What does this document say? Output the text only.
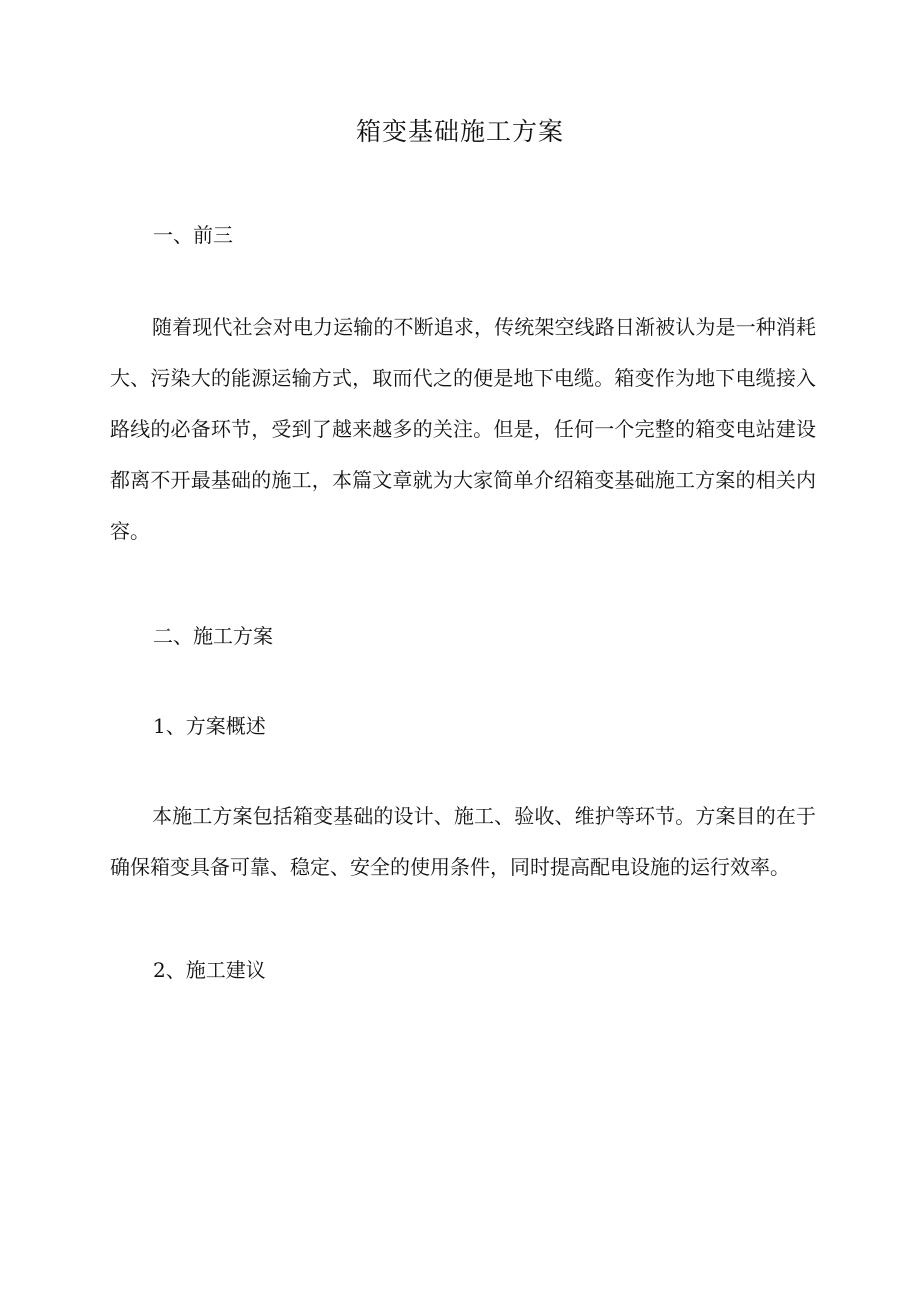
箱变基础施工方案
一、前三

随着现代社会对电力运输的不断追求，传统架空线路日渐被认为是一种消耗大、污染大的能源运输方式，取而代之的便是地下电缆。箱变作为地下电缆接入路线的必备环节，受到了越来越多的关注。但是，任何一个完整的箱变电站建设都离不开最基础的施工，本篇文章就为大家简单介绍箱变基础施工方案的相关内容。

二、施工方案
1、方案概述

本施工方案包括箱变基础的设计、施工、验收、维护等环节。方案目的在于确保箱变具备可靠、稳定、安全的使用条件，同时提高配电设施的运行效率。

2、施工建议
